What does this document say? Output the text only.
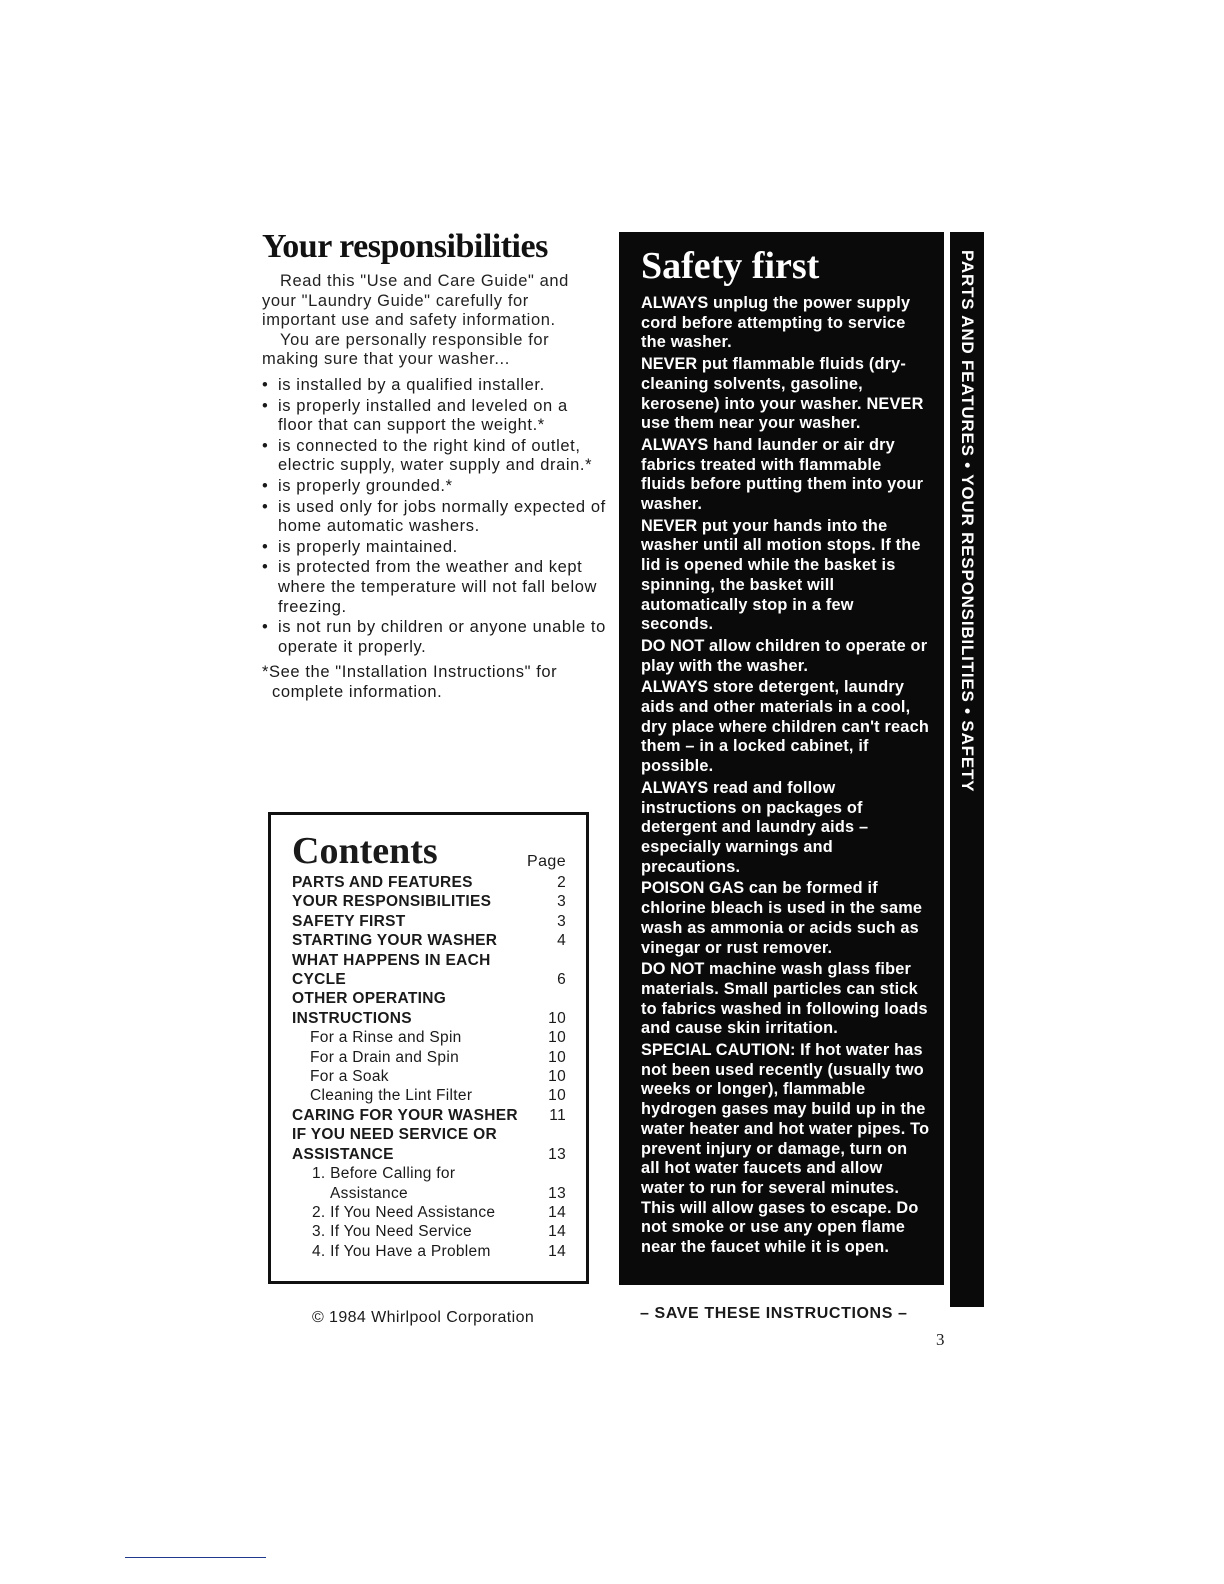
Your responsibilities

Read this "Use and Care Guide" and your "Laundry Guide" carefully for important use and safety information.

You are personally responsible for making sure that your washer...

• is installed by a qualified installer.
• is properly installed and leveled on a floor that can support the weight.*
• is connected to the right kind of outlet, electric supply, water supply and drain.*
• is properly grounded.*
• is used only for jobs normally expected of home automatic washers.
• is properly maintained.
• is protected from the weather and kept where the temperature will not fall below freezing.
• is not run by children or anyone unable to operate it properly.

*See the "Installation Instructions" for complete information.

Contents	Page
PARTS AND FEATURES	2
YOUR RESPONSIBILITIES	3
SAFETY FIRST	3
STARTING YOUR WASHER	4
WHAT HAPPENS IN EACH
CYCLE	6
OTHER OPERATING
INSTRUCTIONS	10
For a Rinse and Spin	10
For a Drain and Spin	10
For a Soak	10
Cleaning the Lint Filter	10
CARING FOR YOUR WASHER 11
IF YOU NEED SERVICE OR
ASSISTANCE	13
1. Before Calling for
Assistance	13
2. If You Need Assistance	14
3. If You Need Service	14
4. If You Have a Problem	14
© 1984 Whirlpool Corporation
Safety first

ALWAYS unplug the power supply cord before attempting to service the washer.

NEVER put flammable fluids (dry-cleaning solvents, gasoline, kerosene) into your washer. NEVER use them near your washer.

ALWAYS hand launder or air dry fabrics treated with flammable fluids before putting them into your washer.

NEVER put your hands into the washer until all motion stops. If the lid is opened while the basket is spinning, the basket will automatically stop in a few seconds.

DO NOT allow children to operate or play with the washer.

ALWAYS store detergent, laundry aids and other materials in a cool, dry place where children can't reach them – in a locked cabinet, if possible.

ALWAYS read and follow instructions on packages of detergent and laundry aids – especially warnings and precautions.

POISON GAS can be formed if chlorine bleach is used in the same wash as ammonia or acids such as vinegar or rust remover.

DO NOT machine wash glass fiber materials. Small particles can stick to fabrics washed in following loads and cause skin irritation.

SPECIAL CAUTION: If hot water has not been used recently (usually two weeks or longer), flammable hydrogen gases may build up in the water heater and hot water pipes. To prevent injury or damage, turn on all hot water faucets and allow water to run for several minutes. This will allow gases to escape. Do not smoke or use any open flame near the faucet while it is open.

– SAVE THESE INSTRUCTIONS –
3
PARTS AND FEATURES • YOUR RESPONSIBILITIES • SAFETY
